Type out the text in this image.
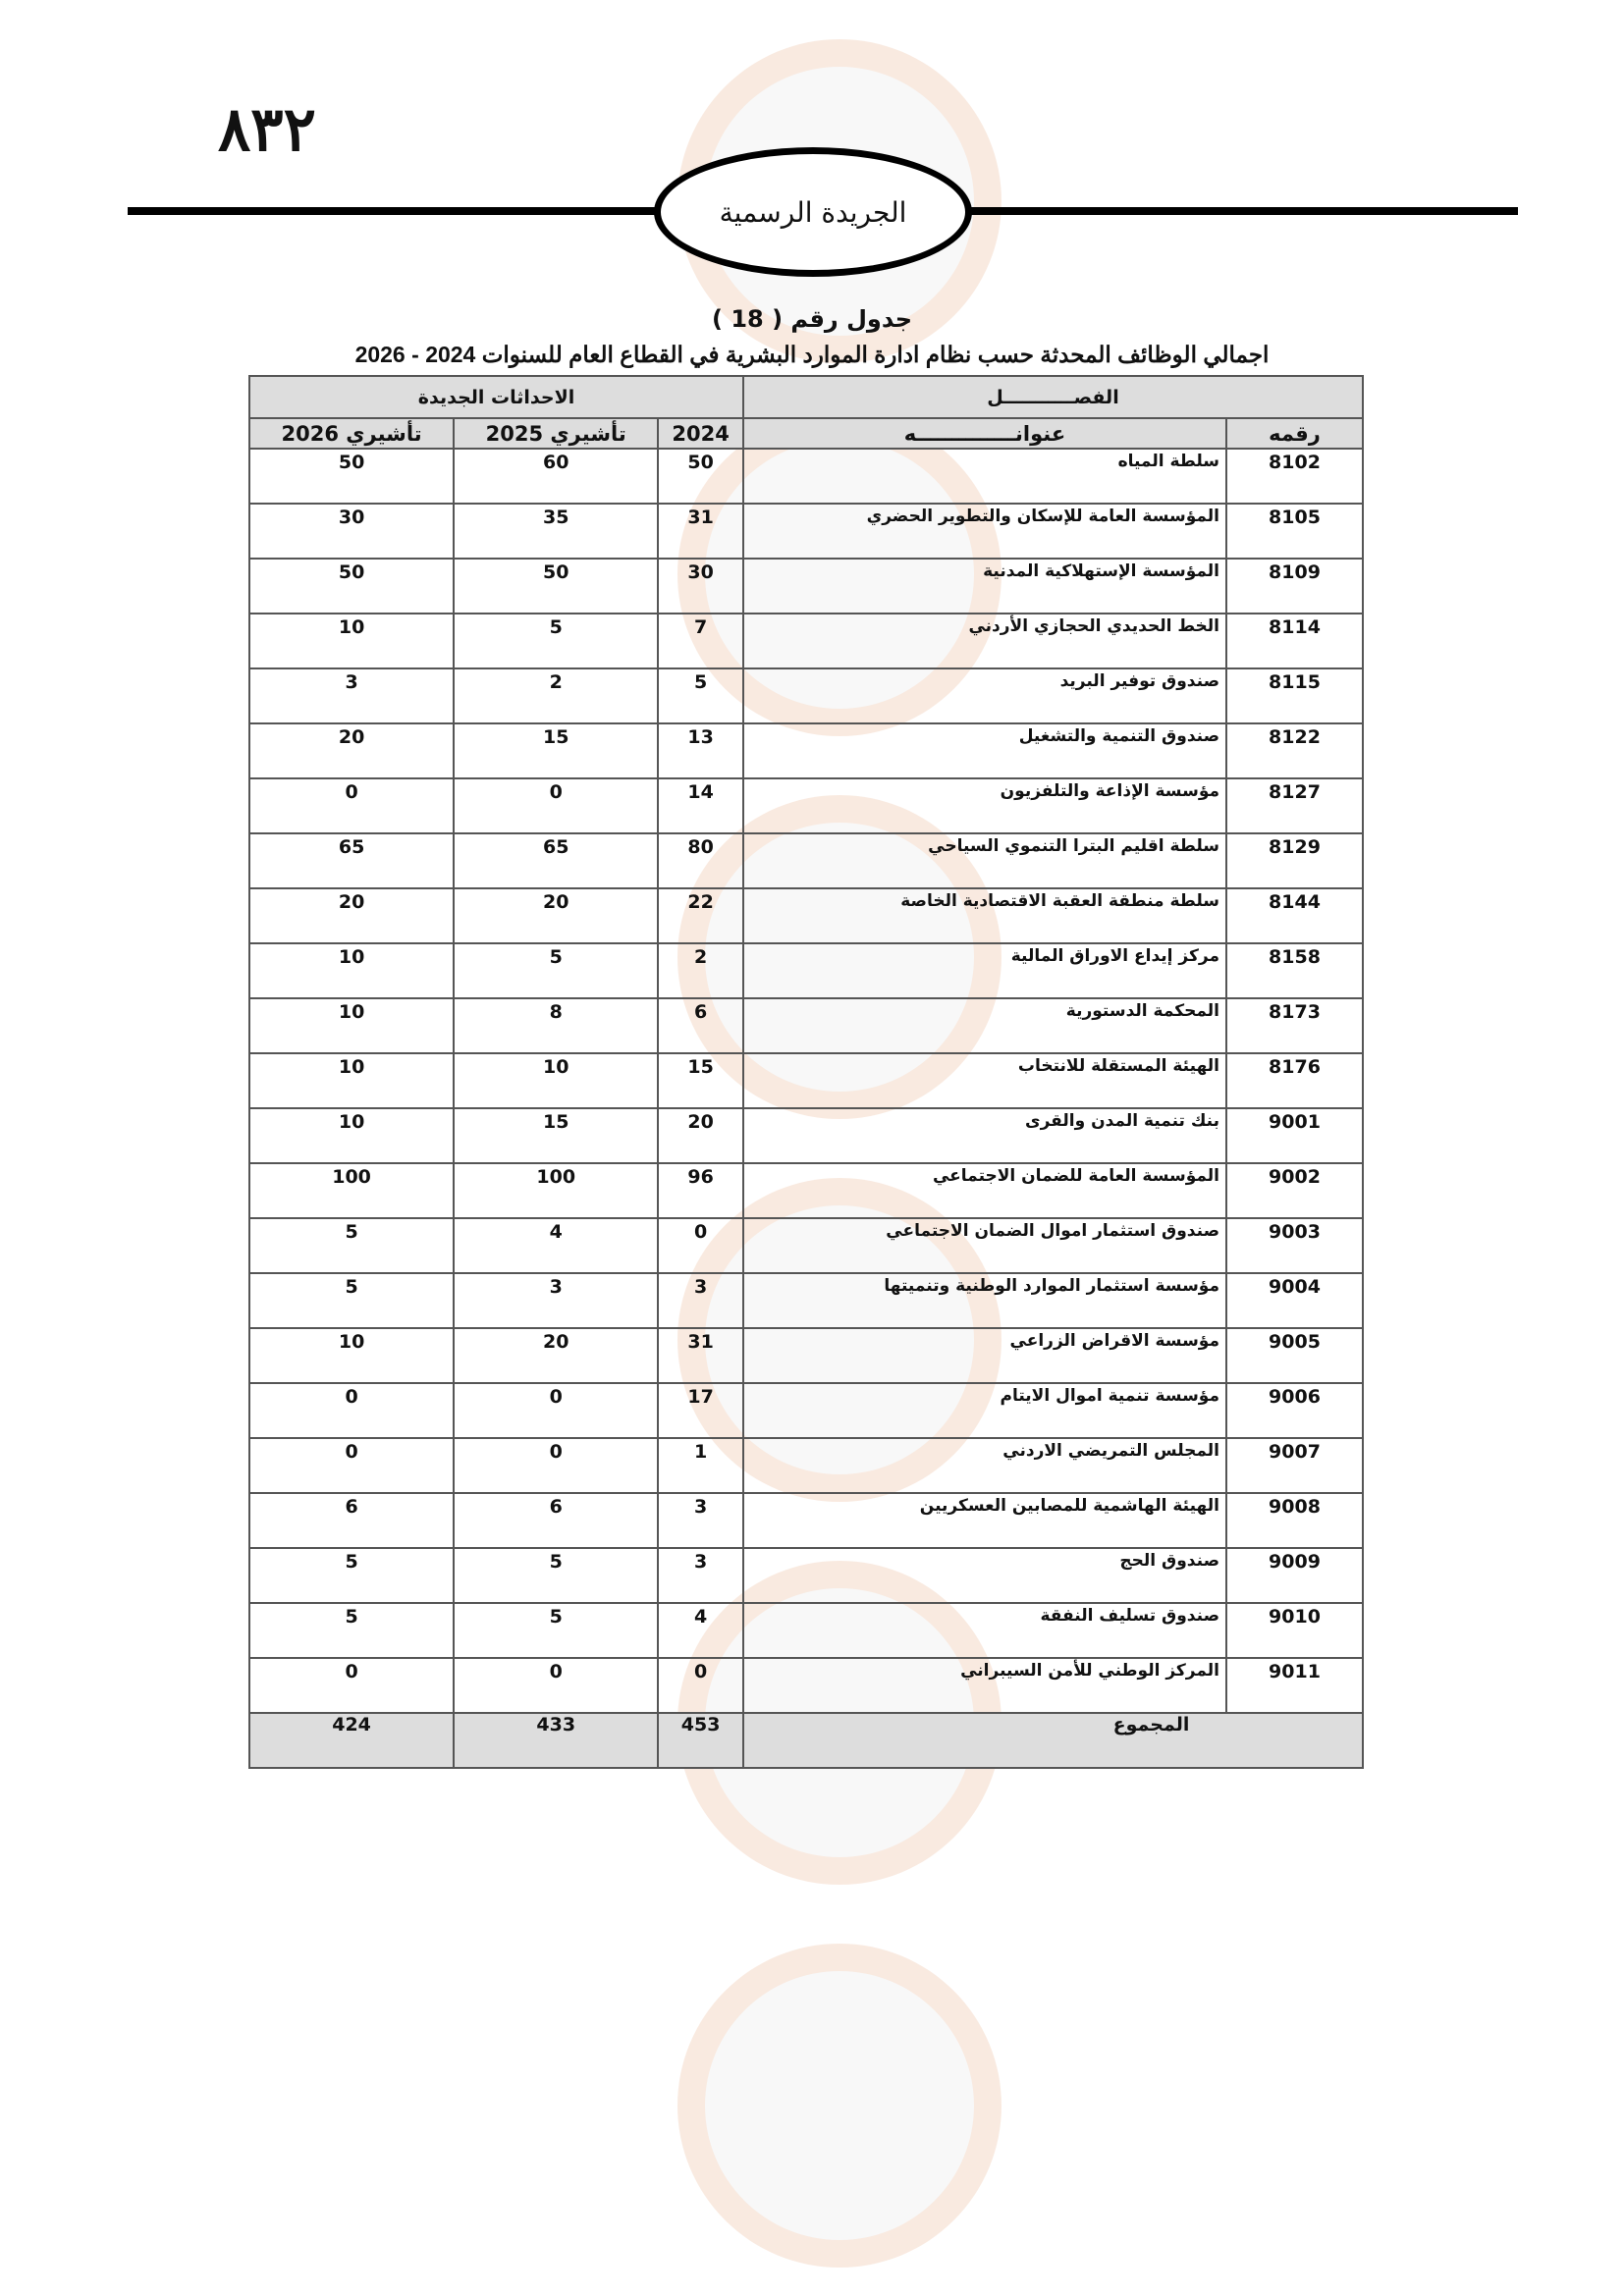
٨٣٢
الجريدة الرسمية
جدول رقم ( 18 )
اجمالي الوظائف المحدثة حسب نظام ادارة الموارد البشرية في القطاع العام للسنوات 2024 - 2026
الفصـــــــــــل		الاحداثات الجديدة		
رقمه	عنوانــــــــــــــه	2024	تأشيري 2025	تأشيري 2026
8102	سلطة المياه	50	60	50
8105	المؤسسة العامة للإسكان والتطوير الحضري	31	35	30
8109	المؤسسة الإستهلاكية المدنية	30	50	50
8114	الخط الحديدي الحجازي الأردني	7	5	10
8115	صندوق توفير البريد	5	2	3
8122	صندوق التنمية والتشغيل	13	15	20
8127	مؤسسة الإذاعة والتلفزيون	14	0	0
8129	سلطة اقليم البترا التنموي السياحي	80	65	65
8144	سلطة منطقة العقبة الاقتصادية الخاصة	22	20	20
8158	مركز إيداع الاوراق المالية	2	5	10
8173	المحكمة الدستورية	6	8	10
8176	الهيئة المستقلة للانتخاب	15	10	10
9001	بنك تنمية المدن والقرى	20	15	10
9002	المؤسسة العامة للضمان الاجتماعي	96	100	100
9003	صندوق استثمار اموال الضمان الاجتماعي	0	4	5
9004	مؤسسة استثمار الموارد الوطنية وتنميتها	3	3	5
9005	مؤسسة الاقراض الزراعي	31	20	10
9006	مؤسسة تنمية اموال الايتام	17	0	0
9007	المجلس التمريضي الاردني	1	0	0
9008	الهيئة الهاشمية للمصابين العسكريين	3	6	6
9009	صندوق الحج	3	5	5
9010	صندوق تسليف النفقة	4	5	5
9011	المركز الوطني للأمن السيبراني	0	0	0
المجموع		453	433	424
